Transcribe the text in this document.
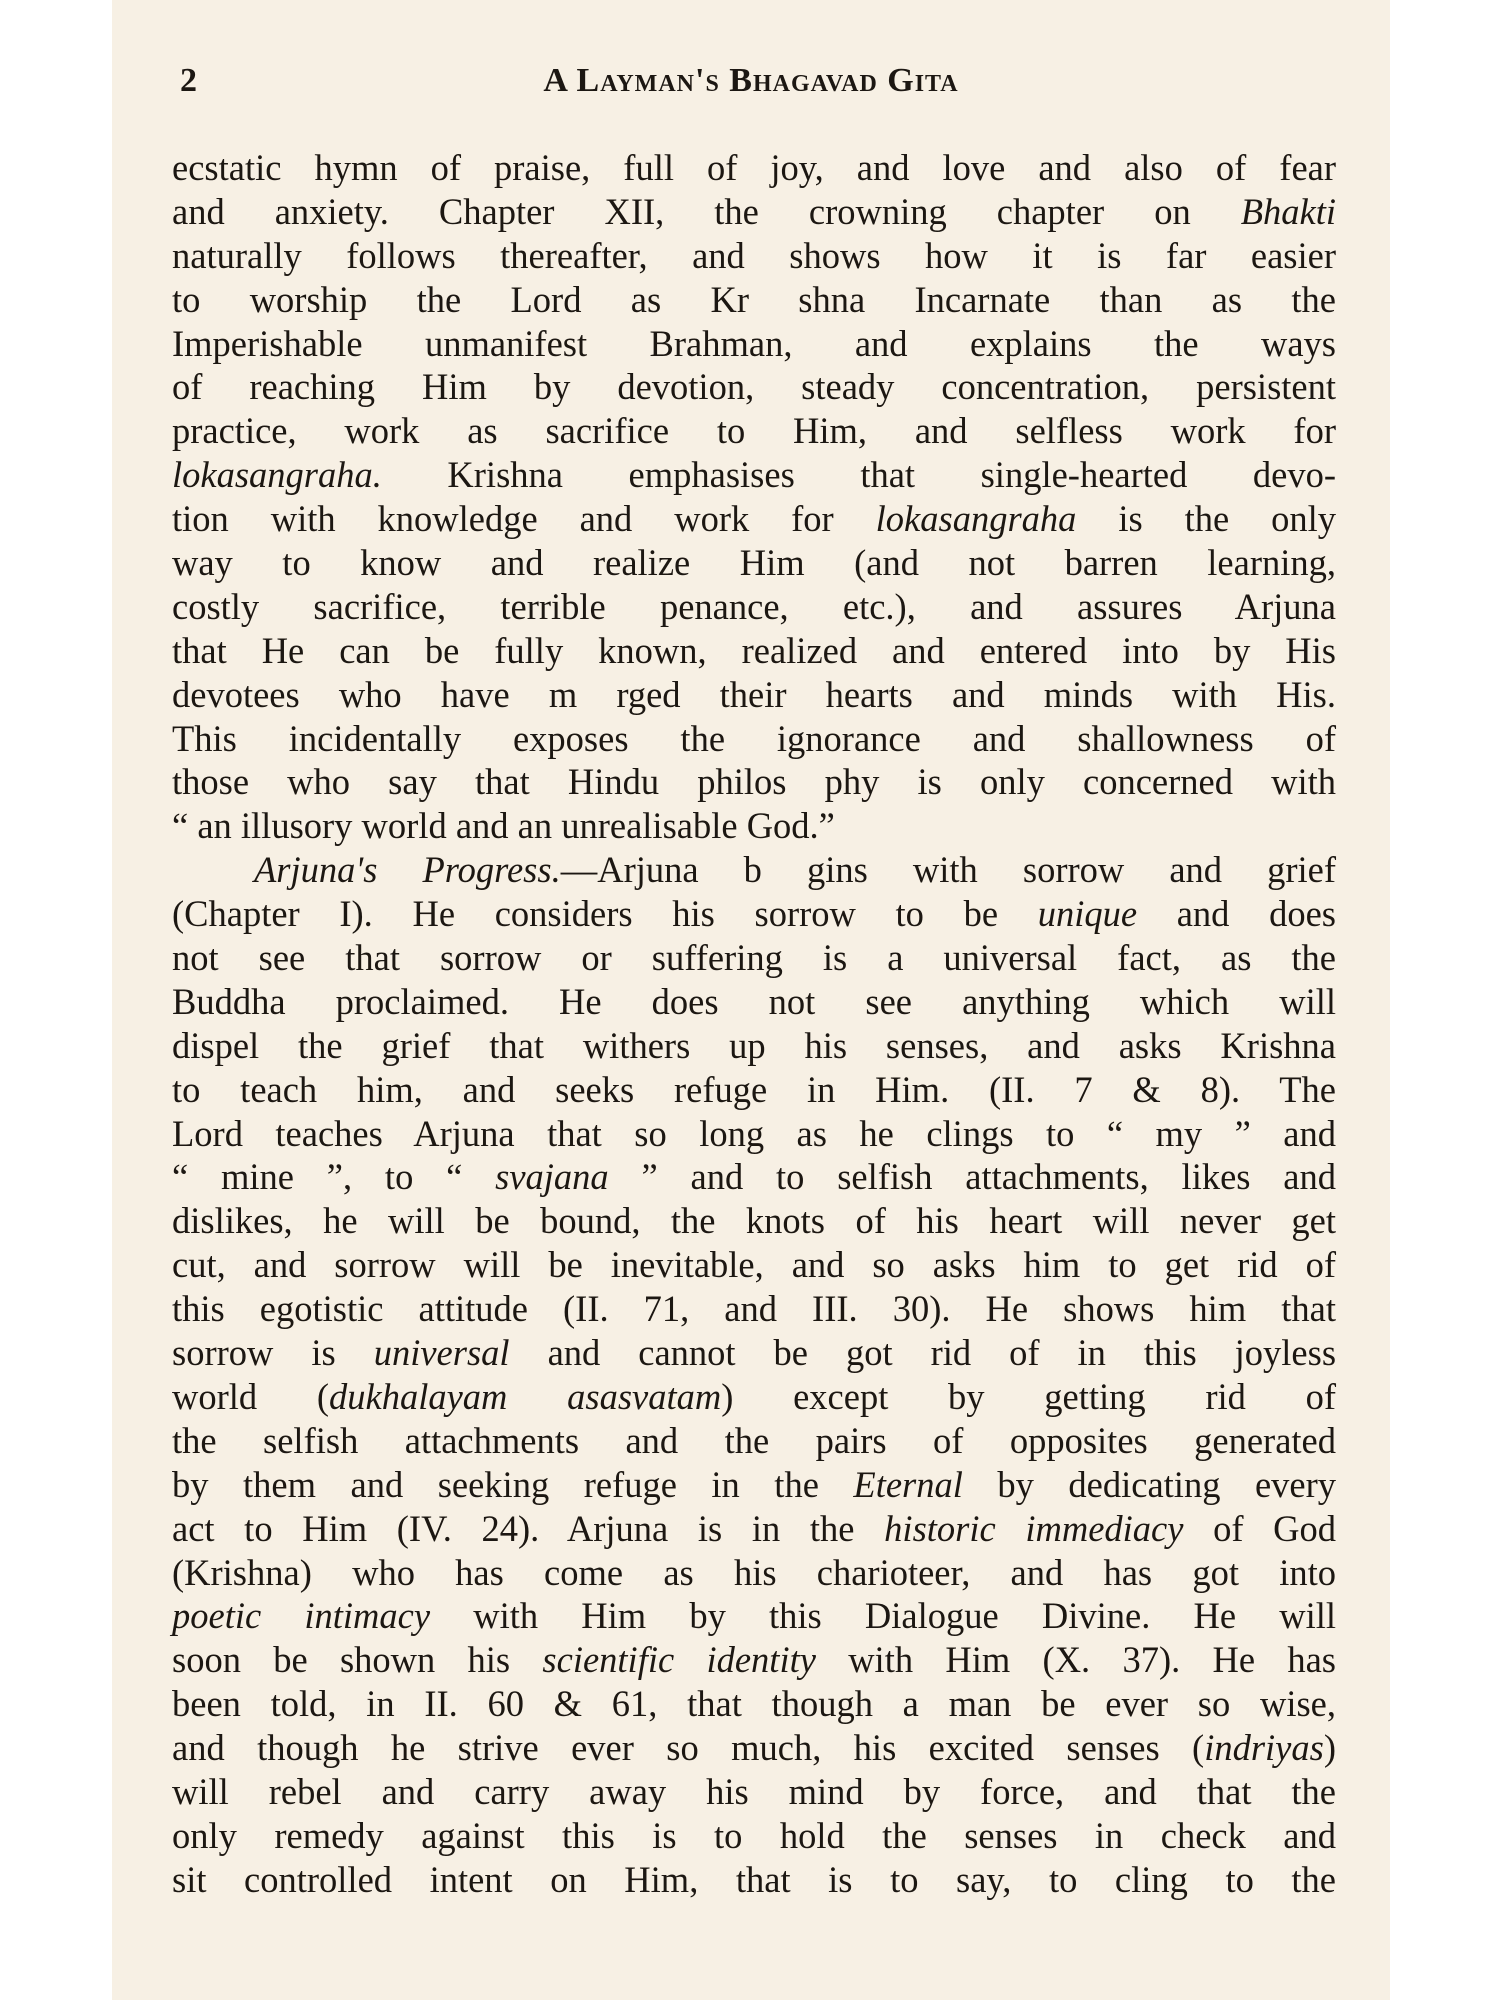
2	A Layman's Bhagavad Gita
ecstatic hymn of praise, full of joy, and love and also of fear
and anxiety. Chapter XII, the crowning chapter on Bhakti
naturally follows thereafter, and shows how it is far easier
to worship the Lord as Kr shna Incarnate than as the
Imperishable unmanifest Brahman, and explains the ways
of reaching Him by devotion, steady concentration, persistent
practice, work as sacrifice to Him, and selfless work for
lokasangraha. Krishna emphasises that single-hearted devo-
tion with knowledge and work for lokasangraha is the only
way to know and realize Him (and not barren learning,
costly sacrifice, terrible penance, etc.), and assures Arjuna
that He can be fully known, realized and entered into by His
devotees who have m rged their hearts and minds with His.
This incidentally exposes the ignorance and shallowness of
those who say that Hindu philos phy is only concerned with
“ an illusory world and an unrealisable God.”
Arjuna's Progress.—Arjuna b gins with sorrow and grief
(Chapter I). He considers his sorrow to be unique and does
not see that sorrow or suffering is a universal fact, as the
Buddha proclaimed. He does not see anything which will
dispel the grief that withers up his senses, and asks Krishna
to teach him, and seeks refuge in Him. (II. 7 & 8). The
Lord teaches Arjuna that so long as he clings to “ my ” and
“ mine ”, to “ svajana ” and to selfish attachments, likes and
dislikes, he will be bound, the knots of his heart will never get
cut, and sorrow will be inevitable, and so asks him to get rid of
this egotistic attitude (II. 71, and III. 30). He shows him that
sorrow is universal and cannot be got rid of in this joyless
world (dukhalayam asasvatam) except by getting rid of
the selfish attachments and the pairs of opposites generated
by them and seeking refuge in the Eternal by dedicating every
act to Him (IV. 24). Arjuna is in the historic immediacy of God
(Krishna) who has come as his charioteer, and has got into
poetic intimacy with Him by this Dialogue Divine. He will
soon be shown his scientific identity with Him (X. 37). He has
been told, in II. 60 & 61, that though a man be ever so wise,
and though he strive ever so much, his excited senses (indriyas)
will rebel and carry away his mind by force, and that the
only remedy against this is to hold the senses in check and
sit controlled intent on Him, that is to say, to cling to the
